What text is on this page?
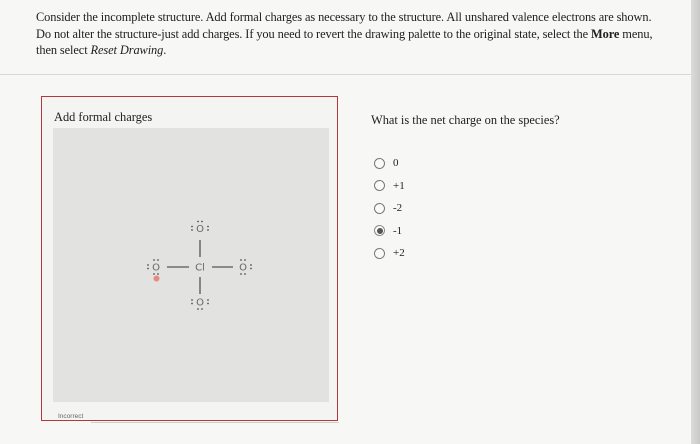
Consider the incomplete structure. Add formal charges as necessary to the structure. All unshared valence electrons are shown. Do not alter the structure-just add charges. If you need to revert the drawing palette to the original state, select the More menu, then select Reset Drawing.
Add formal charges
Cl
O
O	O
O
Incorrect
What is the net charge on the species?
0
+1
-2
-1
+2
